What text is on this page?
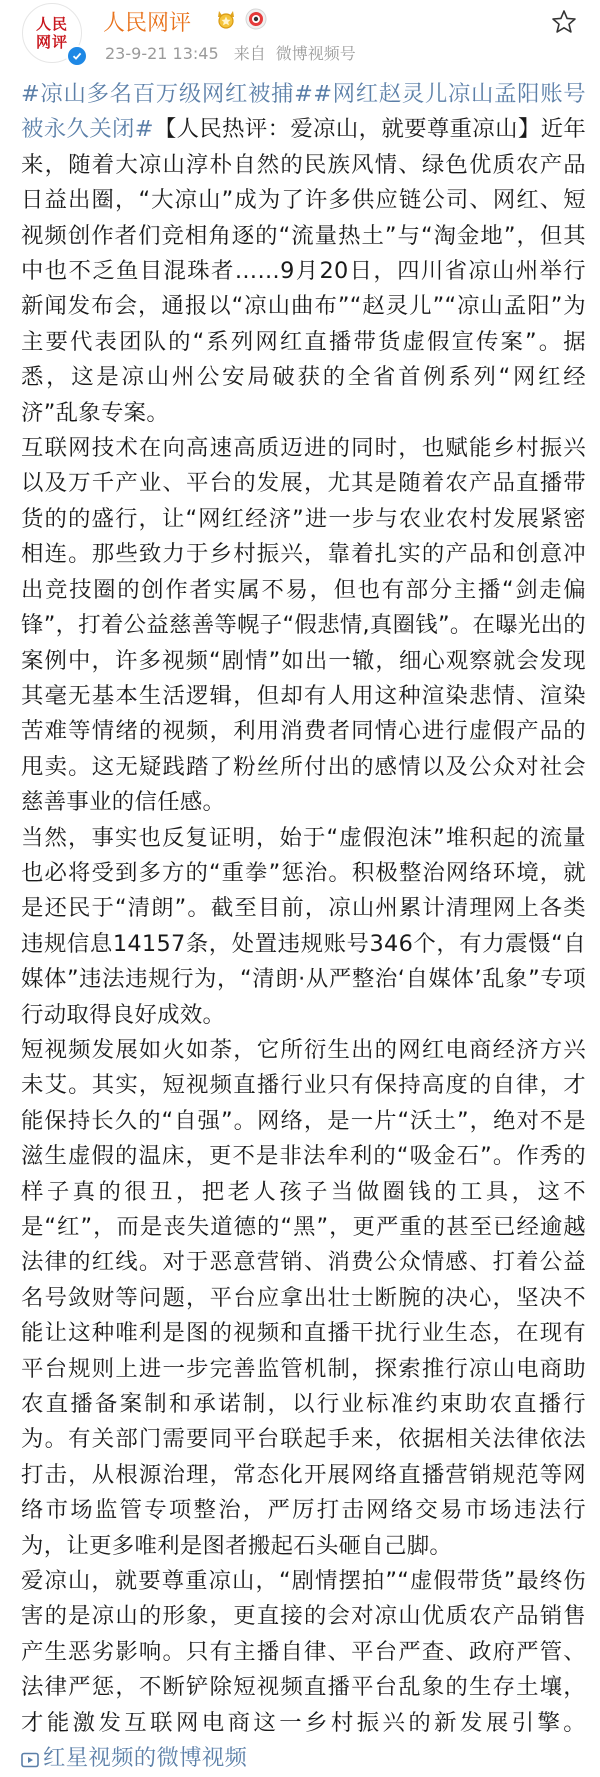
人民
网评
人民网评
23-9-21 13:45 来自 微博视频号

#凉山多名百万级网红被捕##网红赵灵儿凉山孟阳账号被永久关闭#【人民热评：爱凉山，就要尊重凉山】近年来，随着大凉山淳朴自然的民族风情、绿色优质农产品日益出圈，“大凉山”成为了许多供应链公司、网红、短视频创作者们竞相角逐的“流量热土”与“淘金地”，但其中也不乏鱼目混珠者……9月20日，四川省凉山州举行新闻发布会，通报以“凉山曲布”“赵灵儿”“凉山孟阳”为主要代表团队的“系列网红直播带货虚假宣传案”。据悉，这是凉山州公安局破获的全省首例系列“网红经济”乱象专案。

互联网技术在向高速高质迈进的同时，也赋能乡村振兴以及万千产业、平台的发展，尤其是随着农产品直播带货的的盛行，让“网红经济”进一步与农业农村发展紧密相连。那些致力于乡村振兴，靠着扎实的产品和创意冲出竞技圈的创作者实属不易，但也有部分主播“剑走偏锋”，打着公益慈善等幌子“假悲情,真圈钱”。在曝光出的案例中，许多视频“剧情”如出一辙，细心观察就会发现其毫无基本生活逻辑，但却有人用这种渲染悲情、渲染苦难等情绪的视频，利用消费者同情心进行虚假产品的甩卖。这无疑践踏了粉丝所付出的感情以及公众对社会慈善事业的信任感。

当然，事实也反复证明，始于“虚假泡沫”堆积起的流量也必将受到多方的“重拳”惩治。积极整治网络环境，就是还民于“清朗”。截至目前，凉山州累计清理网上各类违规信息14157条，处置违规账号346个，有力震慑“自媒体”违法违规行为，“清朗·从严整治‘自媒体’乱象”专项行动取得良好成效。

短视频发展如火如荼，它所衍生出的网红电商经济方兴未艾。其实，短视频直播行业只有保持高度的自律，才能保持长久的“自强”。网络，是一片“沃土”，绝对不是滋生虚假的温床，更不是非法牟利的“吸金石”。作秀的样子真的很丑，把老人孩子当做圈钱的工具，这不是“红”，而是丧失道德的“黑”，更严重的甚至已经逾越法律的红线。对于恶意营销、消费公众情感、打着公益名号敛财等问题，平台应拿出壮士断腕的决心，坚决不能让这种唯利是图的视频和直播干扰行业生态，在现有平台规则上进一步完善监管机制，探索推行凉山电商助农直播备案制和承诺制，以行业标准约束助农直播行为。有关部门需要同平台联起手来，依据相关法律依法打击，从根源治理，常态化开展网络直播营销规范等网络市场监管专项整治，严厉打击网络交易市场违法行为，让更多唯利是图者搬起石头砸自己脚。

爱凉山，就要尊重凉山，“剧情摆拍”“虚假带货”最终伤害的是凉山的形象，更直接的会对凉山优质农产品销售产生恶劣影响。只有主播自律、平台严查、政府严管、法律严惩，不断铲除短视频直播平台乱象的生存土壤，才能激发互联网电商这一乡村振兴的新发展引擎。 红星视频的微博视频
